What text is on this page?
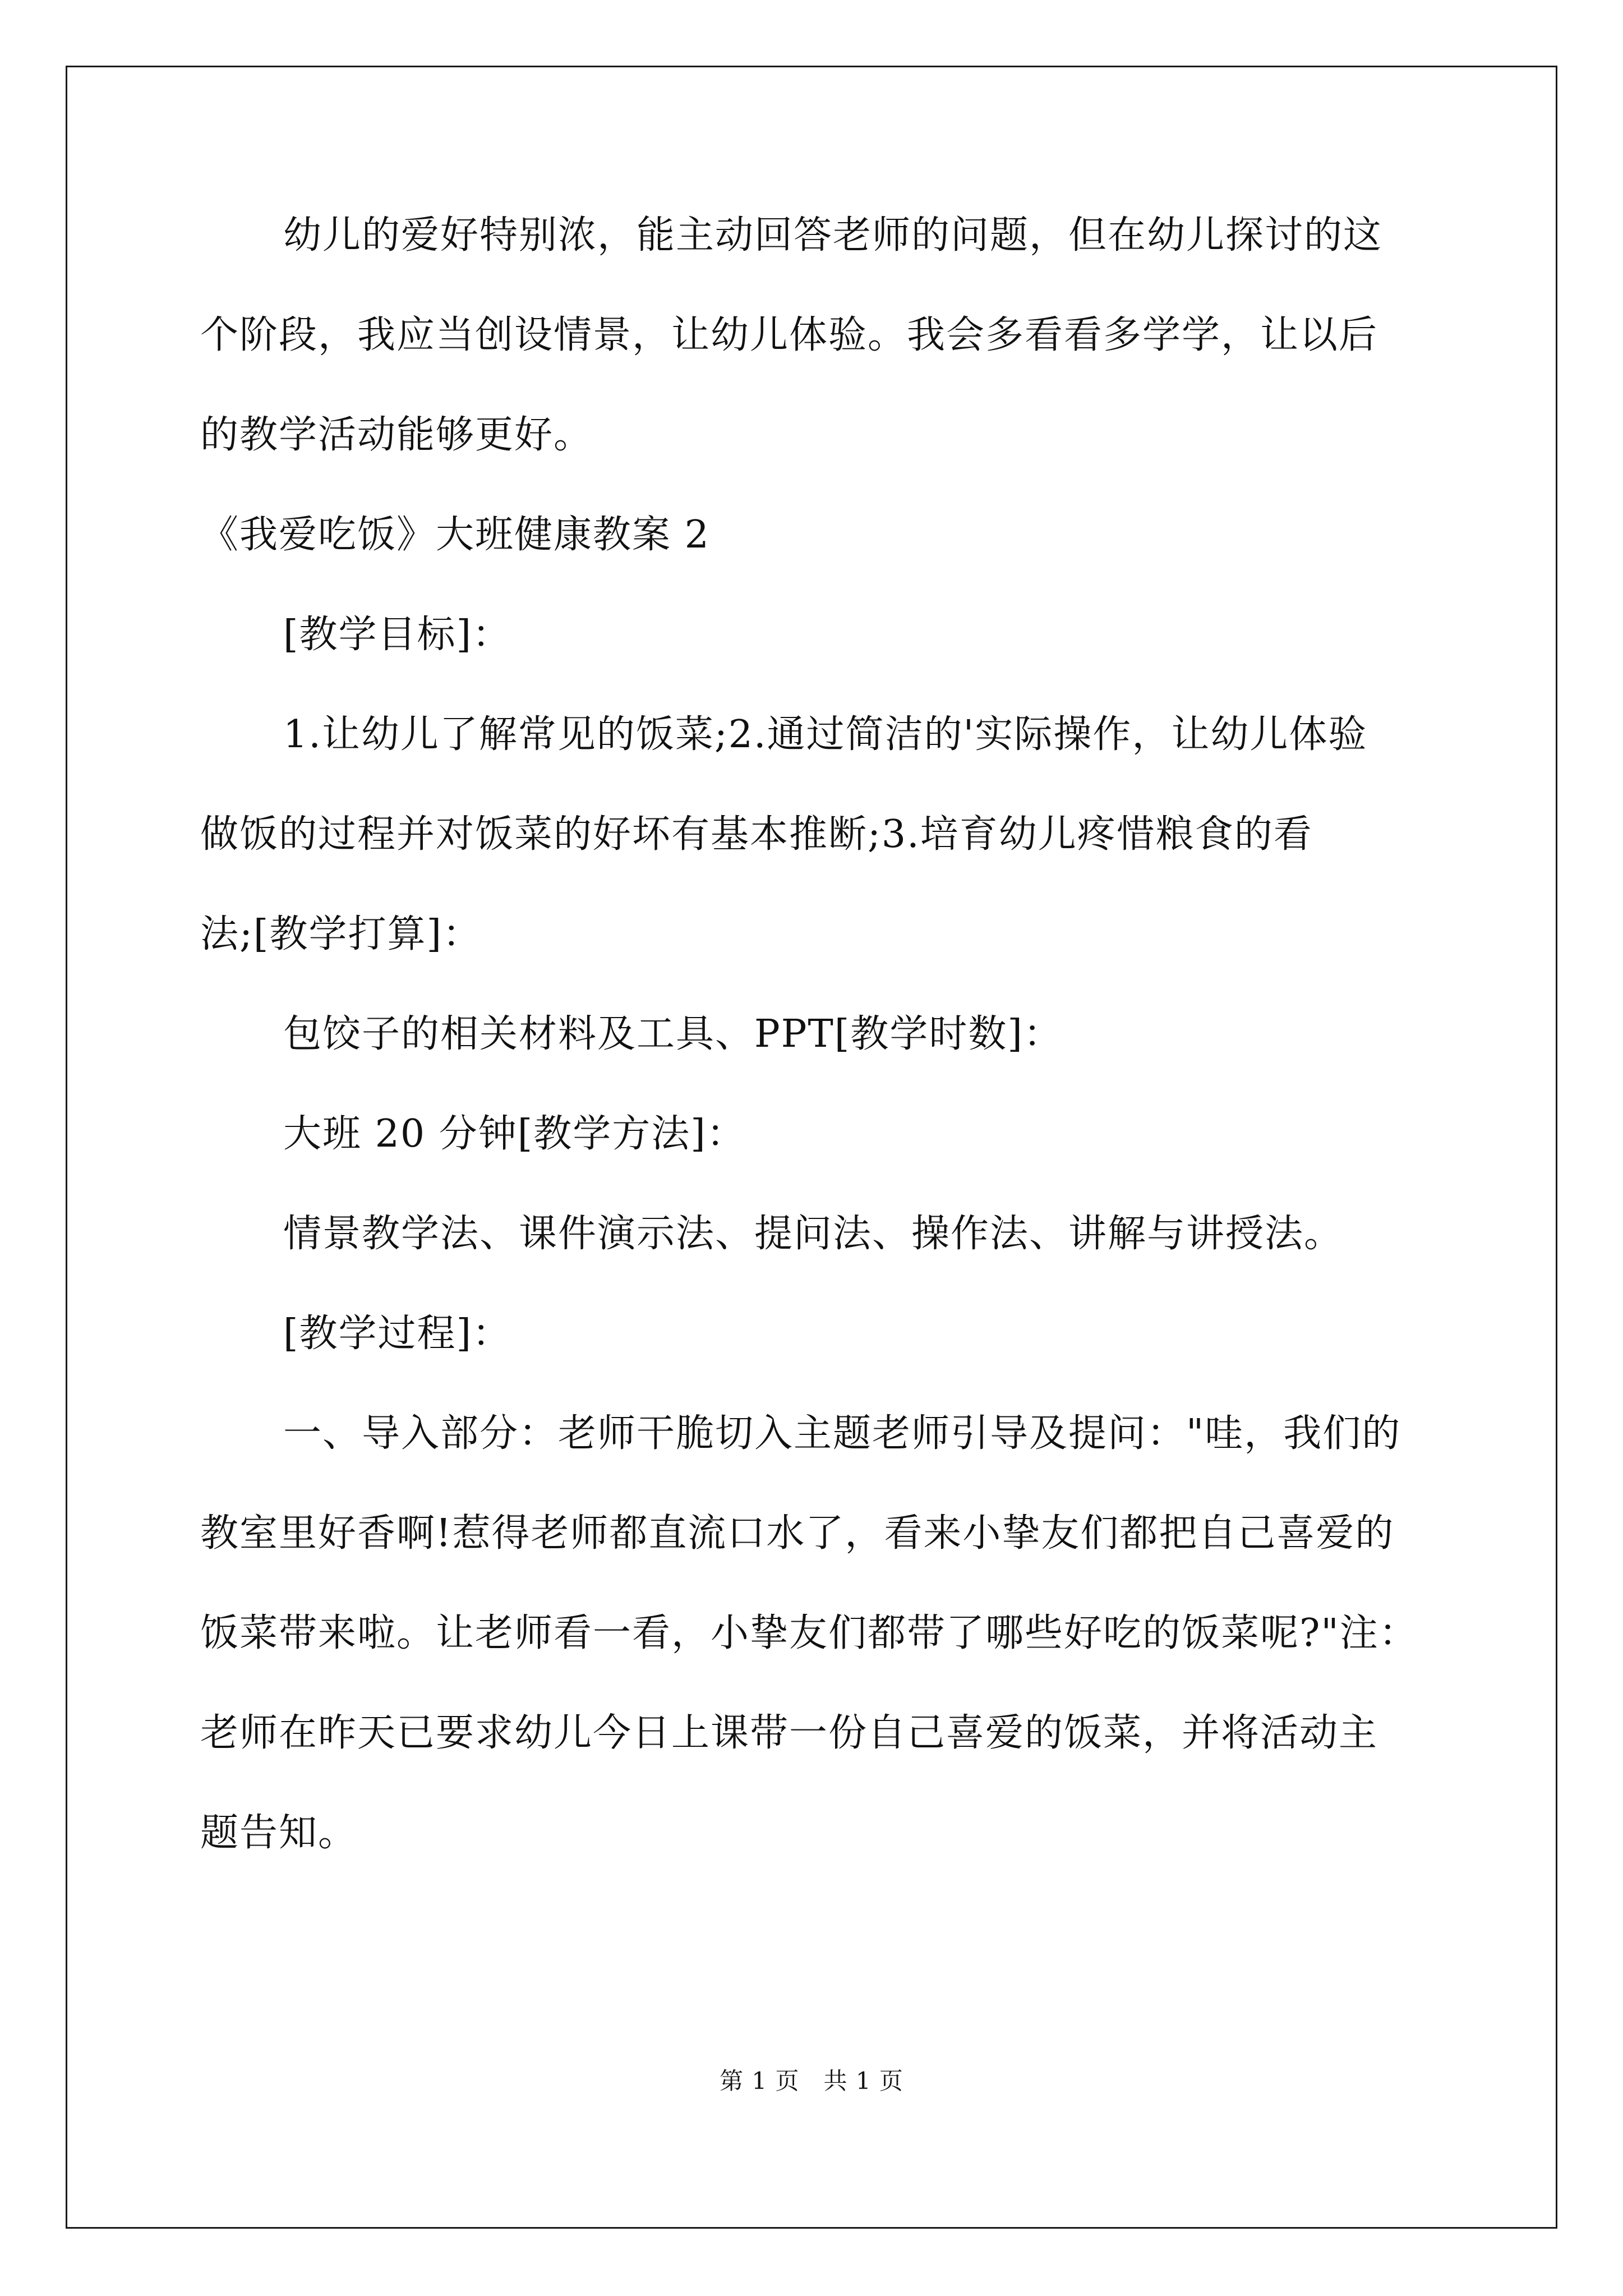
幼儿的爱好特别浓，能主动回答老师的问题，但在幼儿探讨的这
个阶段，我应当创设情景，让幼儿体验。我会多看看多学学，让以后
的教学活动能够更好。
《我爱吃饭》大班健康教案 2
[教学目标]：
1.让幼儿了解常见的饭菜;2.通过简洁的'实际操作，让幼儿体验
做饭的过程并对饭菜的好坏有基本推断;3.培育幼儿疼惜粮食的看
法;[教学打算]：
包饺子的相关材料及工具、PPT[教学时数]：
大班 20 分钟[教学方法]：
情景教学法、课件演示法、提问法、操作法、讲解与讲授法。
[教学过程]：
一、导入部分：老师干脆切入主题老师引导及提问："哇，我们的
教室里好香啊!惹得老师都直流口水了，看来小挚友们都把自己喜爱的
饭菜带来啦。让老师看一看，小挚友们都带了哪些好吃的饭菜呢?"注：
老师在昨天已要求幼儿今日上课带一份自己喜爱的饭菜，并将活动主
题告知。
第 1 页　共 1 页
